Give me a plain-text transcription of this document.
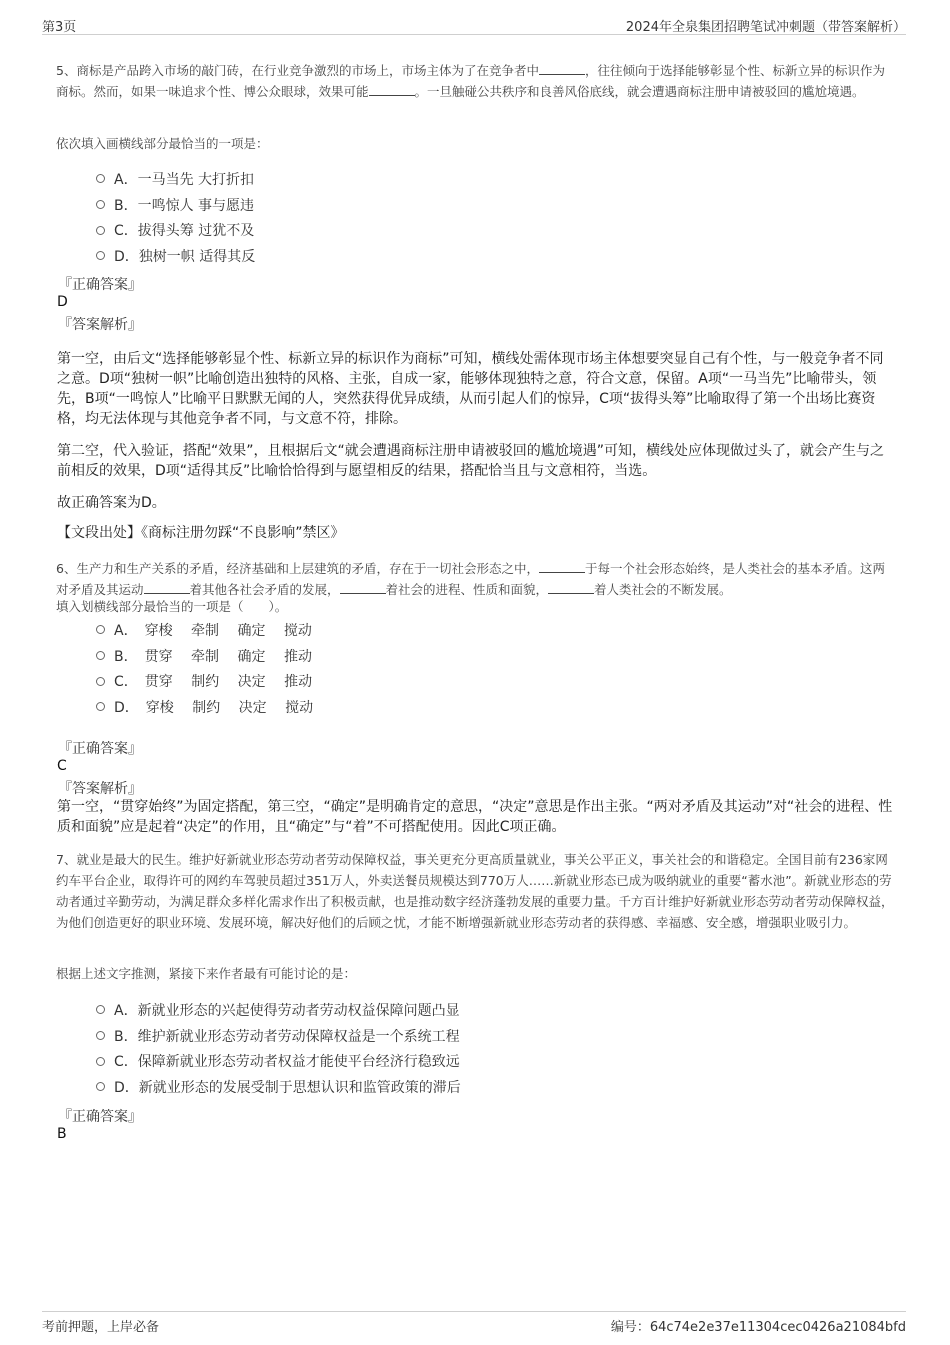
第3页	2024年全泉集团招聘笔试冲刺题（带答案解析）
5、商标是产品跨入市场的敲门砖，在行业竞争激烈的市场上，市场主体为了在竞争者中	，往往倾向于选择能够彰显个性、标新立异的标识作为商标。然而，如果一味追求个性、博公众眼球，效果可能	。一旦触碰公共秩序和良善风俗底线，就会遭遇商标注册申请被驳回的尴尬境遇。
依次填入画横线部分最恰当的一项是：
A．一马当先 大打折扣
B．一鸣惊人 事与愿违
C．拔得头筹 过犹不及
D．独树一帜 适得其反
『正确答案』
D
『答案解析』

第一空，由后文“选择能够彰显个性、标新立异的标识作为商标”可知，横线处需体现市场主体想要突显自己有个性，与一般竞争者不同之意。D项“独树一帜”比喻创造出独特的风格、主张，自成一家，能够体现独特之意，符合文意，保留。A项“一马当先”比喻带头，领先，B项“一鸣惊人”比喻平日默默无闻的人，突然获得优异成绩，从而引起人们的惊异，C项“拔得头筹”比喻取得了第一个出场比赛资格，均无法体现与其他竞争者不同，与文意不符，排除。

第二空，代入验证，搭配“效果”，且根据后文“就会遭遇商标注册申请被驳回的尴尬境遇”可知，横线处应体现做过头了，就会产生与之前相反的效果，D项“适得其反”比喻恰恰得到与愿望相反的结果，搭配恰当且与文意相符，当选。

故正确答案为D。

【文段出处】《商标注册勿踩“不良影响”禁区》
6、生产力和生产关系的矛盾，经济基础和上层建筑的矛盾，存在于一切社会形态之中，	于每一个社会形态始终，是人类社会的基本矛盾。这两对矛盾及其运动	着其他各社会矛盾的发展，	着社会的进程、性质和面貌，	着人类社会的不断发展。
填入划横线部分最恰当的一项是（　　）。
A．　穿梭　 牵制　 确定　 搅动
B．　贯穿　 牵制　 确定　 推动
C．　贯穿　 制约　 决定　 推动
D．　穿梭　 制约　 决定　 搅动
『正确答案』
C
『答案解析』
第一空，“贯穿始终”为固定搭配，第三空，“确定”是明确肯定的意思，“决定”意思是作出主张。“两对矛盾及其运动”对“社会的进程、性质和面貌”应是起着“决定”的作用，且“确定”与“着”不可搭配使用。因此C项正确。
7、就业是最大的民生。维护好新就业形态劳动者劳动保障权益，事关更充分更高质量就业，事关公平正义，事关社会的和谐稳定。全国目前有236家网约车平台企业，取得许可的网约车驾驶员超过351万人，外卖送餐员规模达到770万人……新就业形态已成为吸纳就业的重要“蓄水池”。新就业形态的劳动者通过辛勤劳动，为满足群众多样化需求作出了积极贡献，也是推动数字经济蓬勃发展的重要力量。千方百计维护好新就业形态劳动者劳动保障权益，为他们创造更好的职业环境、发展环境，解决好他们的后顾之忧，才能不断增强新就业形态劳动者的获得感、幸福感、安全感，增强职业吸引力。
根据上述文字推测，紧接下来作者最有可能讨论的是：
A．新就业形态的兴起使得劳动者劳动权益保障问题凸显
B．维护新就业形态劳动者劳动保障权益是一个系统工程
C．保障新就业形态劳动者权益才能使平台经济行稳致远
D．新就业形态的发展受制于思想认识和监管政策的滞后
『正确答案』
B
考前押题，上岸必备	编号：64c74e2e37e11304cec0426a21084bfd
